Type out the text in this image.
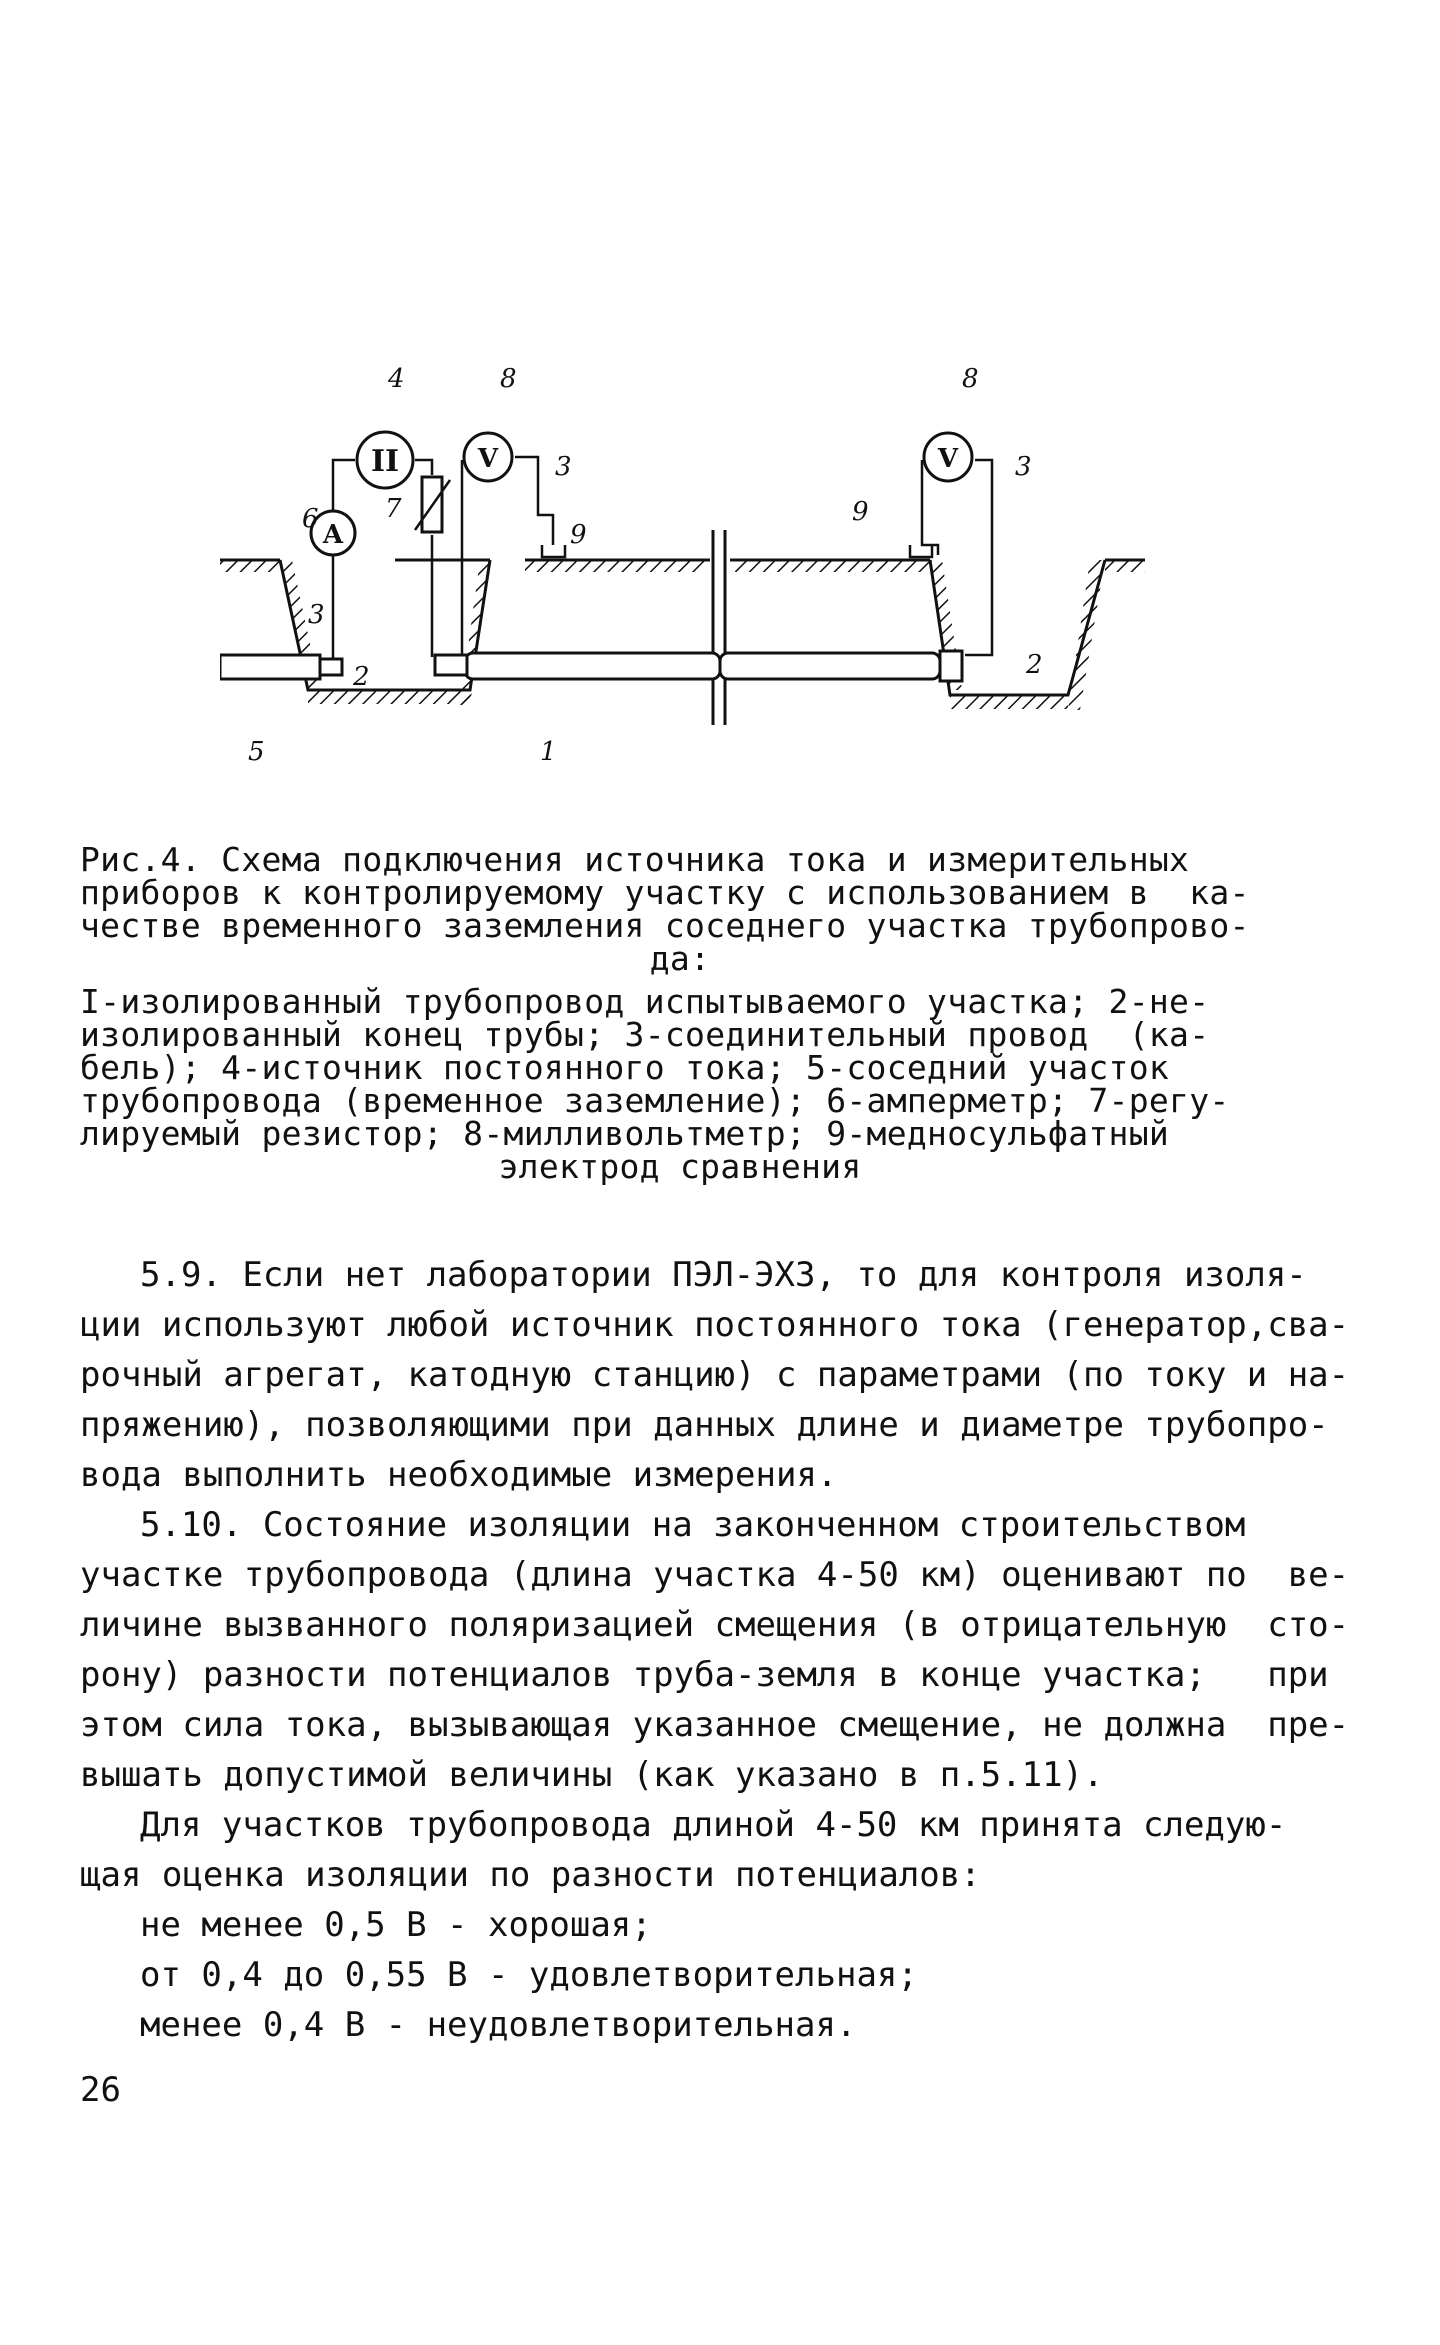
II
A
V	V
4	8	8
3	3
6	7
9
9
3
2	2
5	1
Рис.4. Схема подключения источника тока и измерительных
приборов к контролируемому участку с использованием в  ка-
честве временного заземления соседнего участка трубопрово-
да:
I-изолированный трубопровод испытываемого участка; 2-не-
изолированный конец трубы; 3-соединительный провод  (ка-
бель); 4-источник постоянного тока; 5-соседний участок
трубопровода (временное заземление); 6-амперметр; 7-регу-
лируемый резистор; 8-милливольтметр; 9-медносульфатный
электрод сравнения
5.9. Если нет лаборатории ПЭЛ-ЭХЗ, то для контроля изоля-
ции используют любой источник постоянного тока (генератор,сва-
рочный агрегат, катодную станцию) с параметрами (по току и на-
пряжению), позволяющими при данных длине и диаметре трубопро-
вода выполнить необходимые измерения.
5.10. Состояние изоляции на законченном строительством
участке трубопровода (длина участка 4-50 км) оценивают по  ве-
личине вызванного поляризацией смещения (в отрицательную  сто-
рону) разности потенциалов труба-земля в конце участка;   при
этом сила тока, вызывающая указанное смещение, не должна  пре-
вышать допустимой величины (как указано в п.5.11).
Для участков трубопровода длиной 4-50 км принята следую-
щая оценка изоляции по разности потенциалов:
не менее 0,5 В - хорошая;
от 0,4 до 0,55 В - удовлетворительная;
менее 0,4 В - неудовлетворительная.
26
